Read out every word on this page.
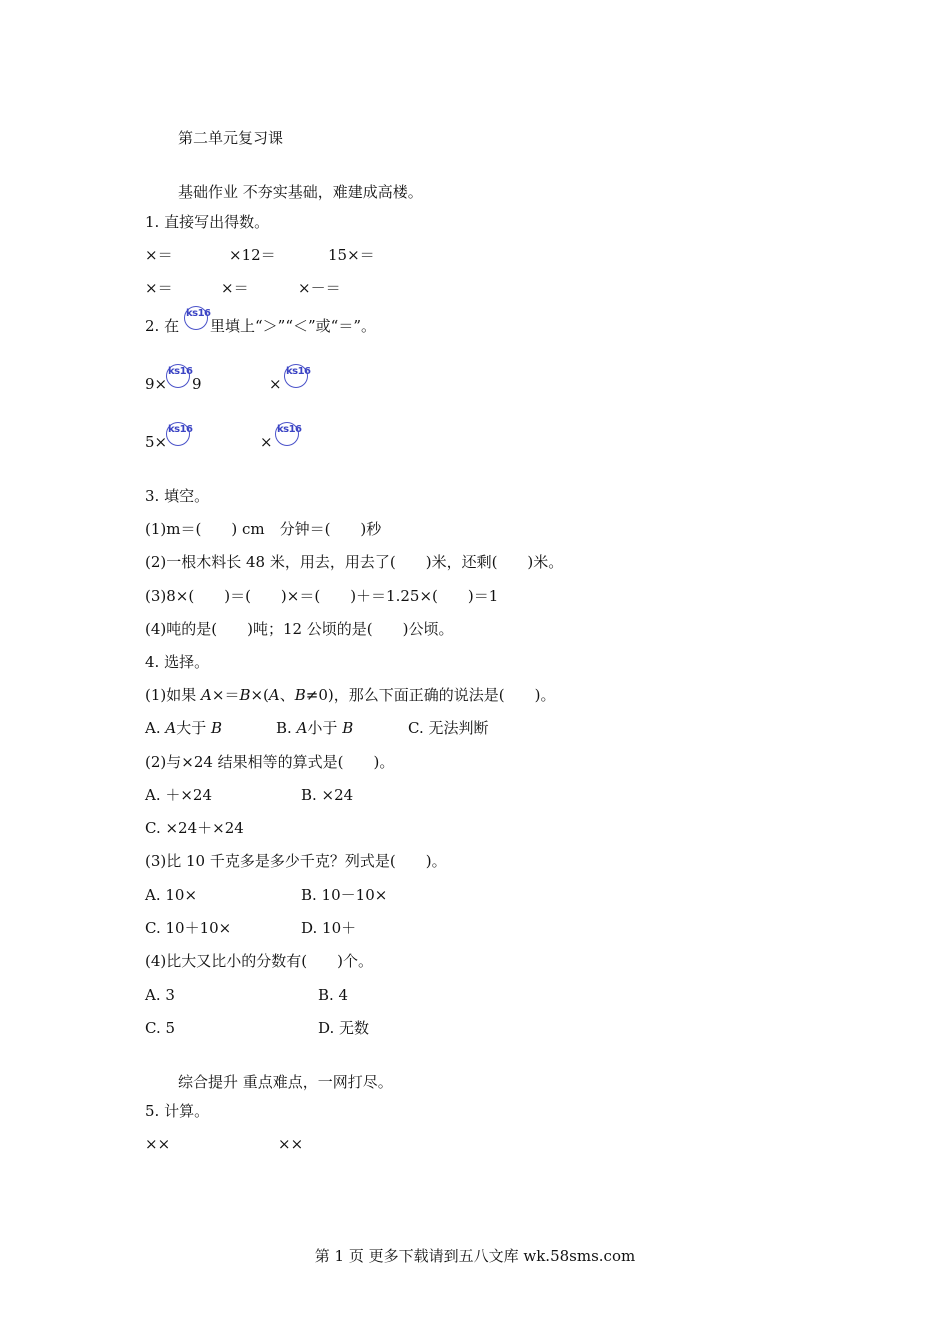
第二单元复习课
基础作业 不夯实基础，难建成高楼。
1. 直接写出得数。
×＝	×12＝	15×＝
×＝	×＝	×－＝
2. 在
ks16
里填上“＞”“＜”或“＝”。
9×
ks16
9	×
ks16
5×
ks16
×
ks16
3. 填空。
(1)m＝(　　) cm　分钟＝(　　)秒
(2)一根木料长 48 米，用去，用去了(　　)米，还剩(　　)米。
(3)8×(　　)＝(　　)×＝(　　)＋＝1.25×(　　)＝1
(4)吨的是(　　)吨；12 公顷的是(　　)公顷。
4. 选择。
(1)如果 A×＝B×(A、B≠0)，那么下面正确的说法是(　　)。
A. A大于 B	B. A小于 B	C. 无法判断
(2)与×24 结果相等的算式是(　　)。
A. ＋×24	B. ×24
C. ×24＋×24
(3)比 10 千克多是多少千克？列式是(　　)。
A. 10×	B. 10－10×
C. 10＋10×	D. 10＋
(4)比大又比小的分数有(　　)个。
A. 3	B. 4
C. 5	D. 无数
综合提升 重点难点，一网打尽。
5. 计算。
××	××
第 1 页 更多下载请到五八文库 wk.58sms.com
